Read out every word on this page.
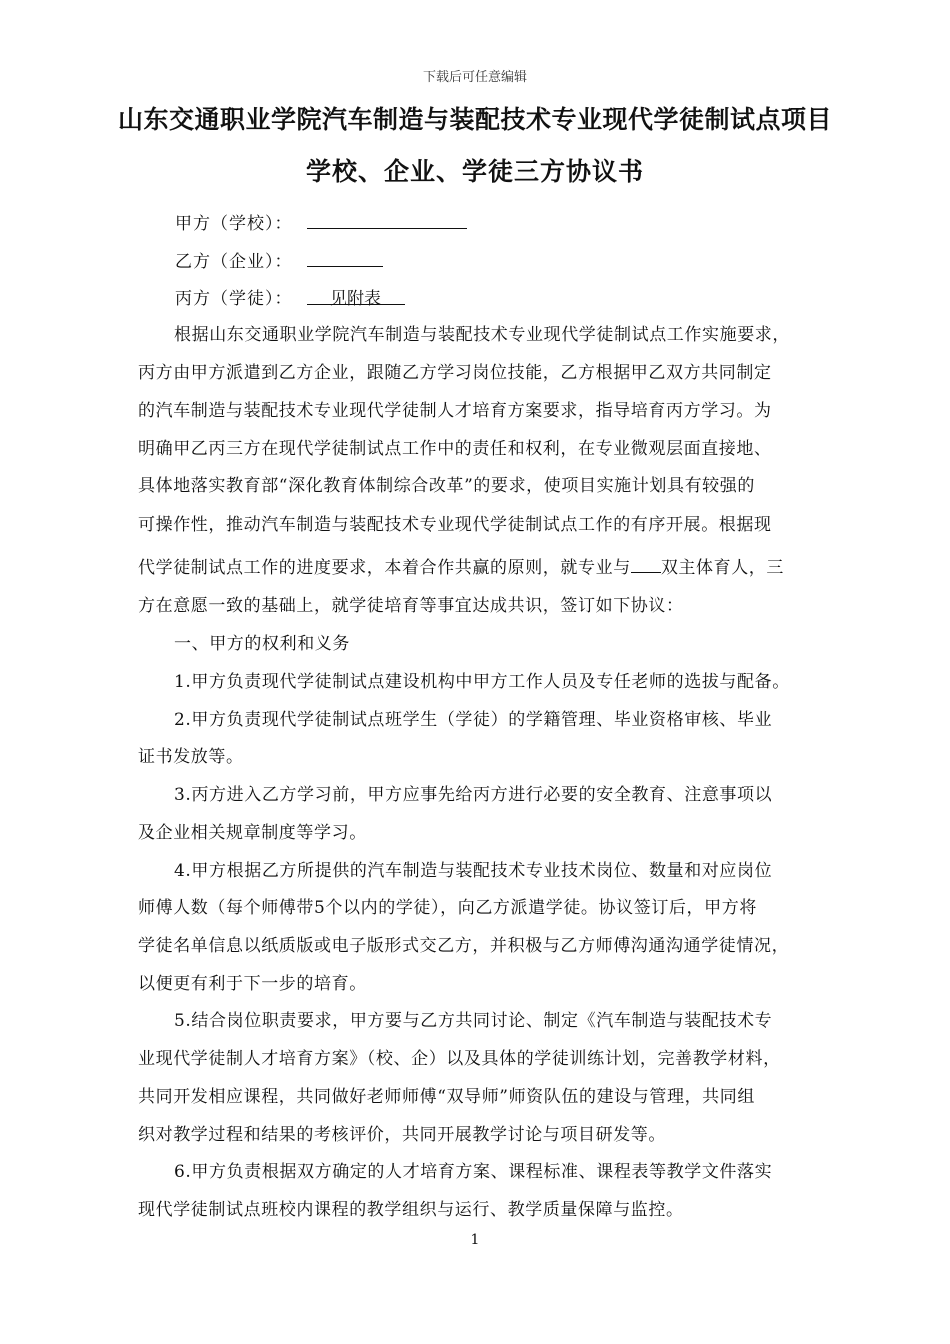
下载后可任意编辑
山东交通职业学院汽车制造与装配技术专业现代学徒制试点项目
学校、企业、学徒三方协议书
甲方（学校）：
乙方（企业）：
丙方（学徒）：	见附表
根据山东交通职业学院汽车制造与装配技术专业现代学徒制试点工作实施要求，
丙方由甲方派遣到乙方企业，跟随乙方学习岗位技能，乙方根据甲乙双方共同制定
的汽车制造与装配技术专业现代学徒制人才培育方案要求，指导培育丙方学习。为
明确甲乙丙三方在现代学徒制试点工作中的责任和权利，在专业微观层面直接地、
具体地落实教育部“深化教育体制综合改革”的要求，使项目实施计划具有较强的
可操作性，推动汽车制造与装配技术专业现代学徒制试点工作的有序开展。根据现
代学徒制试点工作的进度要求，本着合作共赢的原则，就专业与 双主体育人，三
方在意愿一致的基础上，就学徒培育等事宜达成共识，签订如下协议：
一、甲方的权利和义务
1.甲方负责现代学徒制试点建设机构中甲方工作人员及专任老师的选拔与配备。
2.甲方负责现代学徒制试点班学生（学徒）的学籍管理、毕业资格审核、毕业
证书发放等。
3.丙方进入乙方学习前，甲方应事先给丙方进行必要的安全教育、注意事项以
及企业相关规章制度等学习。
4.甲方根据乙方所提供的汽车制造与装配技术专业技术岗位、数量和对应岗位
师傅人数（每个师傅带5个以内的学徒），向乙方派遣学徒。协议签订后，甲方将
学徒名单信息以纸质版或电子版形式交乙方，并积极与乙方师傅沟通沟通学徒情况，
以便更有利于下一步的培育。
5.结合岗位职责要求，甲方要与乙方共同讨论、制定《汽车制造与装配技术专
业现代学徒制人才培育方案》（校、企）以及具体的学徒训练计划，完善教学材料，
共同开发相应课程，共同做好老师师傅“双导师”师资队伍的建设与管理，共同组
织对教学过程和结果的考核评价，共同开展教学讨论与项目研发等。
6.甲方负责根据双方确定的人才培育方案、课程标准、课程表等教学文件落实
现代学徒制试点班校内课程的教学组织与运行、教学质量保障与监控。
1
